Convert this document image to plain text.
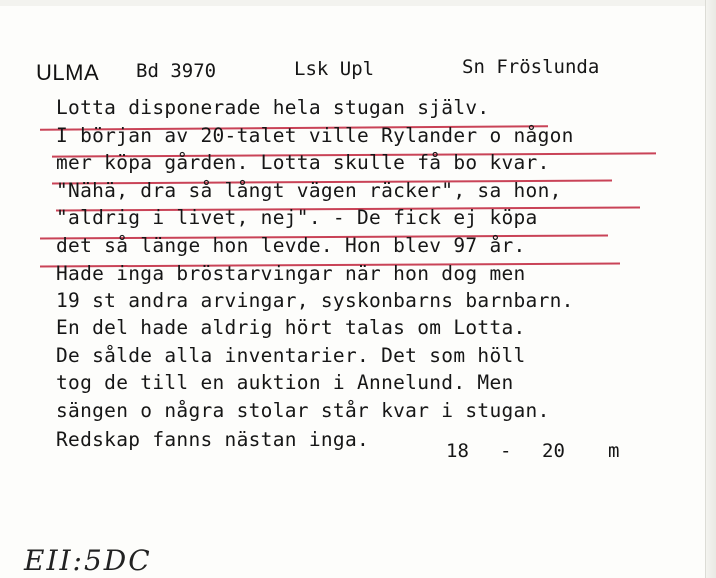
ULMA Bd 3970	Lsk Upl	Sn Fröslunda
Lotta disponerade hela stugan själv.
I början av 20-talet ville Rylander o någon
mer köpa gården. Lotta skulle få bo kvar.
"Nähä, dra så långt vägen räcker", sa hon,
"aldrig i livet, nej". - De fick ej köpa
det så länge hon levde. Hon blev 97 år.
Hade inga bröstarvingar när hon dog men
19 st andra arvingar, syskonbarns barnbarn.
En del hade aldrig hört talas om Lotta.
De sålde alla inventarier. Det som höll
tog de till en auktion i Annelund. Men
sängen o några stolar står kvar i stugan.
Redskap fanns nästan inga.	18 - 20 m
EII:5DC
